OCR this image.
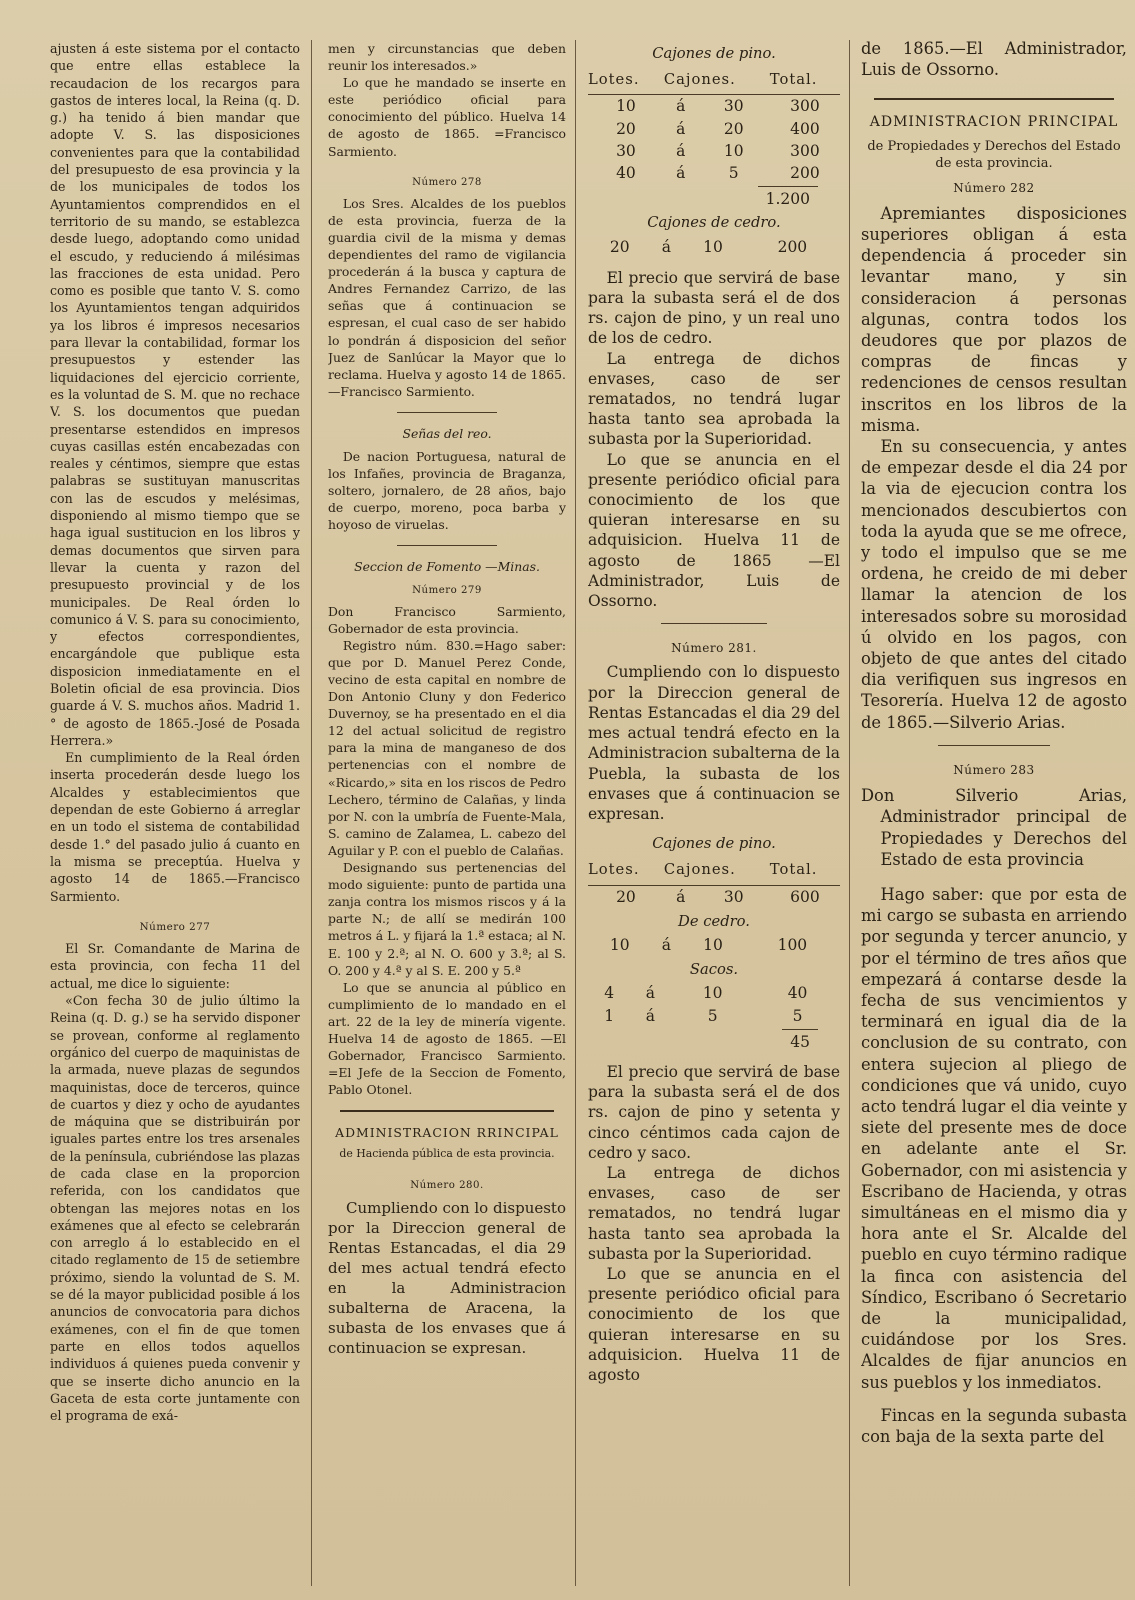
ajusten á este sistema por el contacto que entre ellas establece la recaudacion de los recargos para gastos de interes local, la Reina (q. D. g.) ha tenido á bien mandar que adopte V. S. las disposiciones convenientes para que la contabilidad del presupuesto de esa provincia y la de los municipales de todos los Ayuntamientos comprendidos en el territorio de su mando, se establezca desde luego, adoptando como unidad el escudo, y reduciendo á milésimas las fracciones de esta unidad. Pero como es posible que tanto V. S. como los Ayuntamientos tengan adquiridos ya los libros é impresos necesarios para llevar la contabilidad, formar los presupuestos y estender las liquidaciones del ejercicio corriente, es la voluntad de S. M. que no rechace V. S. los documentos que puedan presentarse estendidos en impresos cuyas casillas estén encabezadas con reales y céntimos, siempre que estas palabras se sustituyan manuscritas con las de escudos y melésimas, disponiendo al mismo tiempo que se haga igual sustitucion en los libros y demas documentos que sirven para llevar la cuenta y razon del presupuesto provincial y de los municipales. De Real órden lo comunico á V. S. para su conocimiento, y efectos correspondientes, encargándole que publique esta disposicion inmediatamente en el Boletin oficial de esa provincia. Dios guarde á V. S. muchos años. Madrid 1.° de agosto de 1865.-José de Posada Herrera.»

En cumplimiento de la Real órden inserta procederán desde luego los Alcaldes y establecimientos que dependan de este Gobierno á arreglar en un todo el sistema de contabilidad desde 1.° del pasado julio á cuanto en la misma se preceptúa. Huelva y agosto 14 de 1865.—Francisco Sarmiento.

Número 277

El Sr. Comandante de Marina de esta provincia, con fecha 11 del actual, me dice lo siguiente:

«Con fecha 30 de julio último la Reina (q. D. g.) se ha servido disponer se provean, conforme al reglamento orgánico del cuerpo de maquinistas de la armada, nueve plazas de segundos maquinistas, doce de terceros, quince de cuartos y diez y ocho de ayudantes de máquina que se distribuirán por iguales partes entre los tres arsenales de la península, cubriéndose las plazas de cada clase en la proporcion referida, con los candidatos que obtengan las mejores notas en los exámenes que al efecto se celebrarán con arreglo á lo establecido en el citado reglamento de 15 de setiembre próximo, siendo la voluntad de S. M. se dé la mayor publicidad posible á los anuncios de convocatoria para dichos exámenes, con el fin de que tomen parte en ellos todos aquellos individuos á quienes pueda convenir y que se inserte dicho anuncio en la Gaceta de esta corte juntamente con el programa de exá-

men y circunstancias que deben reunir los interesados.»

Lo que he mandado se inserte en este periódico oficial para conocimiento del público. Huelva 14 de agosto de 1865. =Francisco Sarmiento.

Número 278

Los Sres. Alcaldes de los pueblos de esta provincia, fuerza de la guardia civil de la misma y demas dependientes del ramo de vigilancia procederán á la busca y captura de Andres Fernandez Carrizo, de las señas que á continuacion se espresan, el cual caso de ser habido lo pondrán á disposicion del señor Juez de Sanlúcar la Mayor que lo reclama. Huelva y agosto 14 de 1865.—Francisco Sarmiento.

Señas del reo.

De nacion Portuguesa, natural de los Infañes, provincia de Braganza, soltero, jornalero, de 28 años, bajo de cuerpo, moreno, poca barba y hoyoso de viruelas.

Seccion de Fomento —Minas.
Número 279

Don Francisco Sarmiento, Gobernador de esta provincia.

Registro núm. 830.=Hago saber: que por D. Manuel Perez Conde, vecino de esta capital en nombre de Don Antonio Cluny y don Federico Duvernoy, se ha presentado en el dia 12 del actual solicitud de registro para la mina de manganeso de dos pertenencias con el nombre de «Ricardo,» sita en los riscos de Pedro Lechero, término de Calañas, y linda por N. con la umbría de Fuente-Mala, S. camino de Zalamea, L. cabezo del Aguilar y P. con el pueblo de Calañas.

Designando sus pertenencias del modo siguiente: punto de partida una zanja contra los mismos riscos y á la parte N.; de allí se medirán 100 metros á L. y fijará la 1.ª estaca; al N. E. 100 y 2.ª; al N. O. 600 y 3.ª; al S. O. 200 y 4.ª y al S. E. 200 y 5.ª

Lo que se anuncia al público en cumplimiento de lo mandado en el art. 22 de la ley de minería vigente. Huelva 14 de agosto de 1865. —El Gobernador, Francisco Sarmiento. =El Jefe de la Seccion de Fomento, Pablo Otonel.

ADMINISTRACION RRINCIPAL
de Hacienda pública de esta provincia.
Número 280.

Cumpliendo con lo dispuesto por la Direccion general de Rentas Estancadas, el dia 29 del mes actual tendrá efecto en la Administracion subalterna de Aracena, la subasta de los envases que á continuacion se expresan.

Cajones de pino.
Lotes.	Cajones.		Total.
10	á	30	300
20	á	20	400
30	á	10	300
40	á	5	200
1.200
Cajones de cedro.
20	á	10	200

El precio que servirá de base para la subasta será el de dos rs. cajon de pino, y un real uno de los de cedro.

La entrega de dichos envases, caso de ser rematados, no tendrá lugar hasta tanto sea aprobada la subasta por la Superioridad.

Lo que se anuncia en el presente periódico oficial para conocimiento de los que quieran interesarse en su adquisicion. Huelva 11 de agosto de 1865 —El Administrador, Luis de Ossorno.

Número 281.

Cumpliendo con lo dispuesto por la Direccion general de Rentas Estancadas el dia 29 del mes actual tendrá efecto en la Administracion subalterna de la Puebla, la subasta de los envases que á continuacion se expresan.

Cajones de pino.
Lotes.	Cajones.		Total.
20	á	30	600
De cedro.
10	á	10	100
Sacos.
4	á	10	40
1	á	5	5
45

El precio que servirá de base para la subasta será el de dos rs. cajon de pino y setenta y cinco céntimos cada cajon de cedro y saco.

La entrega de dichos envases, caso de ser rematados, no tendrá lugar hasta tanto sea aprobada la subasta por la Superioridad.

Lo que se anuncia en el presente periódico oficial para conocimiento de los que quieran interesarse en su adquisicion. Huelva 11 de agosto

de 1865.—El Administrador, Luis de Ossorno.

ADMINISTRACION PRINCIPAL
de Propiedades y Derechos del Estado de esta provincia.
Número 282

Apremiantes disposiciones superiores obligan á esta dependencia á proceder sin levantar mano, y sin consideracion á personas algunas, contra todos los deudores que por plazos de compras de fincas y redenciones de censos resultan inscritos en los libros de la misma.

En su consecuencia, y antes de empezar desde el dia 24 por la via de ejecucion contra los mencionados descubiertos con toda la ayuda que se me ofrece, y todo el impulso que se me ordena, he creido de mi deber llamar la atencion de los interesados sobre su morosidad ú olvido en los pagos, con objeto de que antes del citado dia verifiquen sus ingresos en Tesorería. Huelva 12 de agosto de 1865.—Silverio Arias.

Número 283

Don Silverio Arias, Administrador principal de Propiedades y Derechos del Estado de esta provincia

Hago saber: que por esta de mi cargo se subasta en arriendo por segunda y tercer anuncio, y por el término de tres años que empezará á contarse desde la fecha de sus vencimientos y terminará en igual dia de la conclusion de su contrato, con entera sujecion al pliego de condiciones que vá unido, cuyo acto tendrá lugar el dia veinte y siete del presente mes de doce en adelante ante el Sr. Gobernador, con mi asistencia y Escribano de Hacienda, y otras simultáneas en el mismo dia y hora ante el Sr. Alcalde del pueblo en cuyo término radique la finca con asistencia del Síndico, Escribano ó Secretario de la municipalidad, cuidándose por los Sres. Alcaldes de fijar anuncios en sus pueblos y los inmediatos.

Fincas en la segunda subasta con baja de la sexta parte del
